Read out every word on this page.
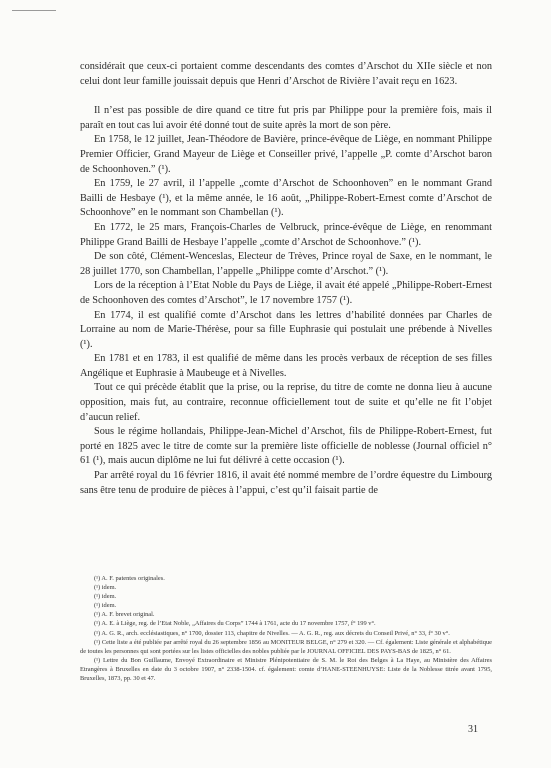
considérait que ceux-ci portaient comme descendants des comtes d’Arschot du XIIe siècle et non celui dont leur famille jouissait depuis que Henri d’Arschot de Rivière l’avait reçu en 1623.

Il n’est pas possible de dire quand ce titre fut pris par Philippe pour la première fois, mais il paraît en tout cas lui avoir été donné tout de suite après la mort de son père.

En 1758, le 12 juillet, Jean-Théodore de Bavière, prince-évêque de Liège, en nommant Philippe Premier Officier, Grand Mayeur de Liège et Conseiller privé, l’appelle „P. comte d’Arschot baron de Schoonhoven.” (¹).

En 1759, le 27 avril, il l’appelle „comte d’Arschot de Schoonhoven” en le nommant Grand Bailli de Hesbaye (¹), et la même année, le 16 août, „Philippe-Robert-Ernest comte d’Arschot de Schoonhove” en le nommant son Chambellan (¹).

En 1772, le 25 mars, François-Charles de Velbruck, prince-évêque de Liège, en renommant Philippe Grand Bailli de Hesbaye l’appelle „comte d’Arschot de Schoonhove.” (¹).

De son côté, Clément-Wenceslas, Electeur de Trèves, Prince royal de Saxe, en le nommant, le 28 juillet 1770, son Chambellan, l’appelle „Philippe comte d’Arschot.” (¹).

Lors de la réception à l’Etat Noble du Pays de Liège, il avait été appelé „Philippe-Robert-Ernest de Schoonhoven des comtes d’Arschot”, le 17 novembre 1757 (¹).

En 1774, il est qualifié comte d’Arschot dans les lettres d’habilité données par Charles de Lorraine au nom de Marie-Thérèse, pour sa fille Euphrasie qui postulait une prébende à Nivelles (¹).

En 1781 et en 1783, il est qualifié de même dans les procès verbaux de réception de ses filles Angélique et Euphrasie à Maubeuge et à Nivelles.

Tout ce qui précède établit que la prise, ou la reprise, du titre de comte ne donna lieu à aucune opposition, mais fut, au contraire, reconnue officiellement tout de suite et qu’elle ne fit l’objet d’aucun relief.

Sous le régime hollandais, Philippe-Jean-Michel d’Arschot, fils de Philippe-Robert-Ernest, fut porté en 1825 avec le titre de comte sur la première liste officielle de noblesse (Journal officiel n° 61 (¹), mais aucun diplôme ne lui fut délivré à cette occasion (¹).

Par arrêté royal du 16 février 1816, il avait été nommé membre de l’ordre équestre du Limbourg sans être tenu de produire de pièces à l’appui, c’est qu’il faisait partie de

(¹) A. F. patentes originales.
(¹) idem.
(¹) idem.
(¹) idem.
(¹) A. F. brevet original.
(¹) A. E. à Liège, reg. de l’Etat Noble, „Affaires du Corps” 1744 à 1761, acte du 17 novembre 1757, f° 199 v°.
(¹) A. G. R., arch. ecclésiastiques, n° 1700, dossier 113, chapitre de Nivelles. — A. G. R., reg. aux décrets du Conseil Privé, n° 33, f° 30 v°.
(¹) Cette liste a été publiée par arrêté royal du 26 septembre 1856 au MONITEUR BELGE, n° 279 et 320. — Cf. également: Liste générale et alphabétique de toutes les personnes qui sont portées sur les listes officielles des nobles publiée par le JOURNAL OFFICIEL DES PAYS-BAS de 1825, n° 61.
(¹) Lettre du Bon Guillaume, Envoyé Extraordinaire et Ministre Plénipotentiaire de S. M. le Roi des Belges à La Haye, au Ministère des Affaires Etrangères à Bruxelles en date du 3 octobre 1907, n° 2338-1504. cf. également: comte d’HANE-STEENHUYSE: Liste de la Noblesse titrée avant 1795, Bruxelles, 1873, pp. 30 et 47.
31
